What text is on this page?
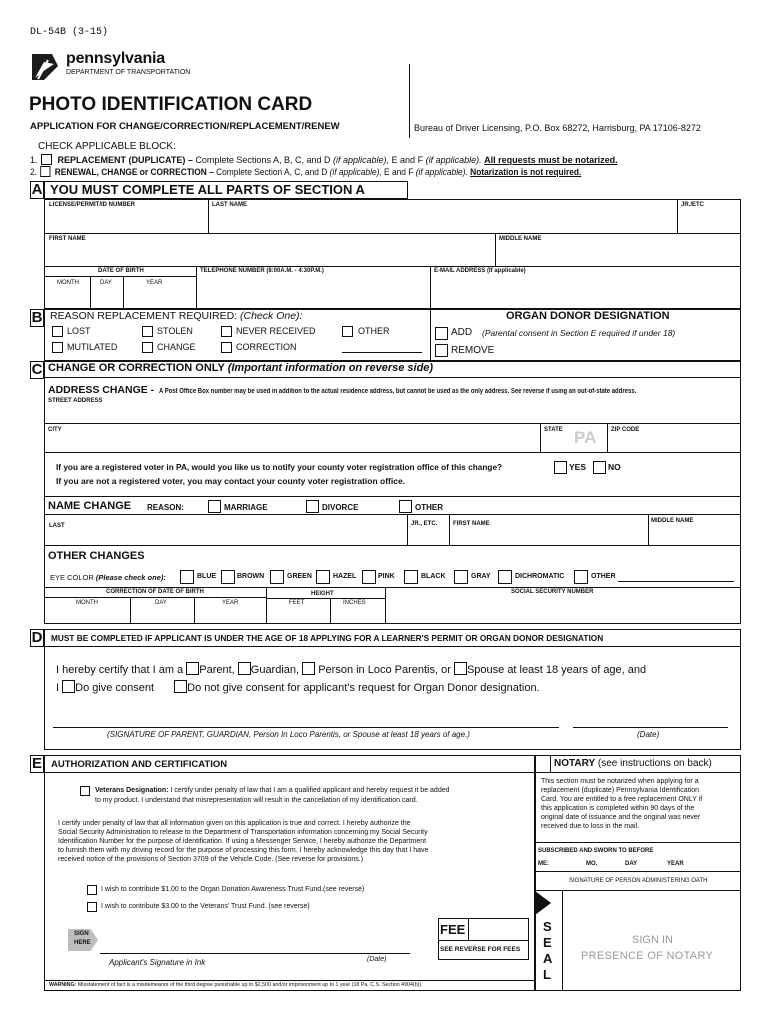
DL-54B (3-15)
pennsylvania
DEPARTMENT OF TRANSPORTATION
PHOTO IDENTIFICATION CARD
APPLICATION FOR CHANGE/CORRECTION/REPLACEMENT/RENEW	Bureau of Driver Licensing, P.O. Box 68272, Harrisburg, PA 17106-8272
CHECK APPLICABLE BLOCK:
1. REPLACEMENT (DUPLICATE) – Complete Sections A, B, C, and D (if applicable), E and F (if applicable). All requests must be notarized.
2. RENEWAL, CHANGE or CORRECTION – Complete Section A, C, and D (if applicable), E and F (if applicable). Notarization is not required.
A YOU MUST COMPLETE ALL PARTS OF SECTION A
LICENSE/PERMIT/ID NUMBER	LAST NAME	JR./ETC
FIRST NAME	MIDDLE NAME
DATE OF BIRTH
MONTH	DAY	YEAR
TELEPHONE NUMBER (8:00A.M. - 4:30P.M.)	E-MAIL ADDRESS (If applicable)
B REASON REPLACEMENT REQUIRED: (Check One):
LOST	STOLEN	NEVER RECEIVED	OTHER
MUTILATED	CHANGE	CORRECTION
ORGAN DONOR DESIGNATION
ADD (Parental consent in Section E required if under 18)
REMOVE
C CHANGE OR CORRECTION ONLY (Important information on reverse side)
ADDRESS CHANGE - A Post Office Box number may be used in addition to the actual residence address, but cannot be used as the only address. See reverse if using an out-of-state address.
STREET ADDRESS
CITY	STATE PA ZIP CODE
If you are a registered voter in PA, would you like us to notify your county voter registration office of this change?	YES	NO
If you are not a registered voter, you may contact your county voter registration office.
NAME CHANGE REASON:	MARRIAGE	DIVORCE	OTHER
LAST	JR., ETC.	FIRST NAME	MIDDLE NAME
OTHER CHANGES
EYE COLOR (Please check one):	BLUE	BROWN	GREEN	HAZEL	PINK	BLACK	GRAY	DICHROMATIC	OTHER
CORRECTION OF DATE OF BIRTH
MONTH	DAY	YEAR
HEIGHT
FEET	INCHES
SOCIAL SECURITY NUMBER
D MUST BE COMPLETED IF APPLICANT IS UNDER THE AGE OF 18 APPLYING FOR A LEARNER'S PERMIT OR ORGAN DONOR DESIGNATION
I hereby certify that I am a Parent, Guardian, Person in Loco Parentis, or Spouse at least 18 years of age, and
I Do give consent	Do not give consent for applicant's request for Organ Donor designation.
(SIGNATURE OF PARENT, GUARDIAN, Person In Loco Parentis, or Spouse at least 18 years of age.)	(Date)
E AUTHORIZATION AND CERTIFICATION
Veterans Designation: I certify under penalty of law that I am a qualified applicant and hereby request it be added
to my product. I understand that misrepresentation will result in the cancellation of my identification card.
I certify under penalty of law that all information given on this application is true and correct. I hereby authorize the
Social Security Administration to release to the Department of Transportation information concerning my Social Security
Identification Number for the purpose of identification. If using a Messenger Service, I hereby authorize the Department
to furnish them with my driving record for the purpose of processing this form. I hereby acknowledge this day that I have
received notice of the provisions of Section 3709 of the Vehicle Code. (See reverse for provisions.)
I wish to contribute $1.00 to the Organ Donation Awareness Trust Fund.(see reverse)
I wish to contribute $3.00 to the Veterans' Trust Fund. (see reverse)
SIGN
HERE
Applicant's Signature in Ink	(Date)
FEE
SEE REVERSE FOR FEES
WARNING: Misstatement of fact is a misdemeanor of the third degree punishable up to $2,500 and/or imprisonment up to 1 year (18 Pa. C.S. Section 4904(b)).
NOTARY (see instructions on back)
This section must be notarized when applying for a
replacement (duplicate) Pennsylvania Identification
Card. You are entitled to a free replacement ONLY if
this application is completed within 90 days of the
original date of issuance and the original was never
received due to loss in the mail.
SUBSCRIBED AND SWORN TO BEFORE
ME:	MO.	DAY	YEAR
SIGNATURE OF PERSON ADMINISTERING OATH
S
E
A
L
SIGN IN
PRESENCE OF NOTARY
